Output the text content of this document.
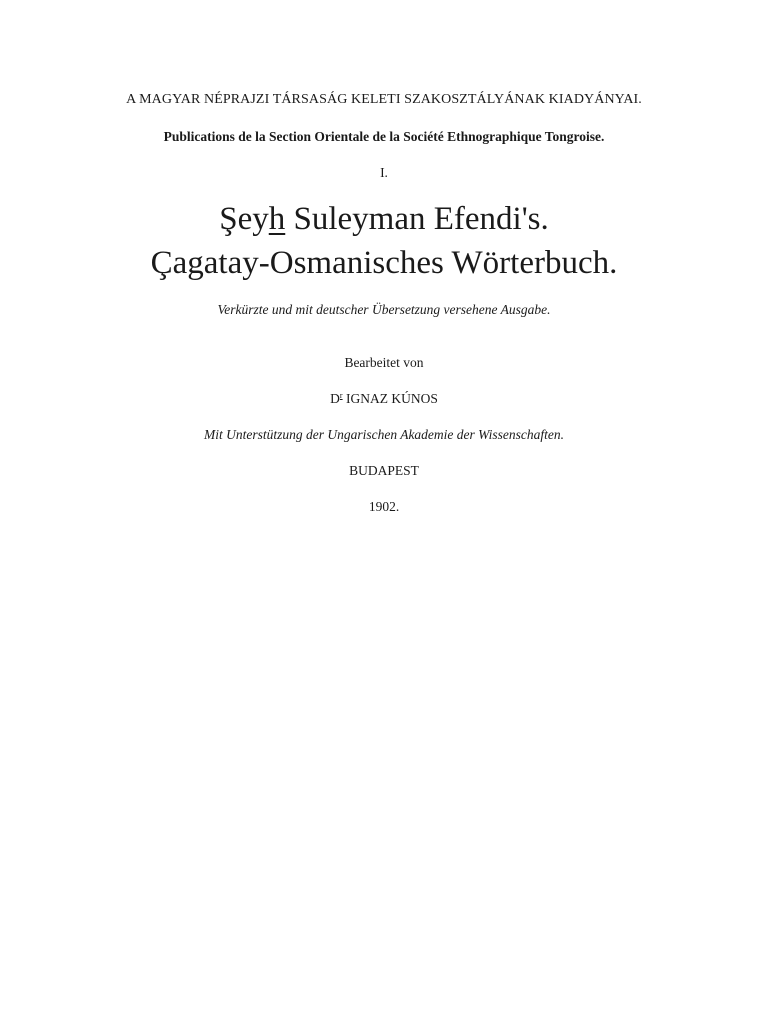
A MAGYAR NÉPRAJZI TÁRSASÁG KELETI SZAKOSZTÁLYÁNAK KIADYÁNYAI.
Publications de la Section Orientale de la Société Ethnographique Tongroise.
I.
Şeyh Suleyman Efendi's.
Çagatay-Osmanisches Wörterbuch.
Verkürzte und mit deutscher Übersetzung versehene Ausgabe.
Bearbeitet von
$D^r$ IGNAZ KÚNOS
Mit Unterstützung der Ungarischen Akademie der Wissenschaften.
BUDAPEST
1902.
